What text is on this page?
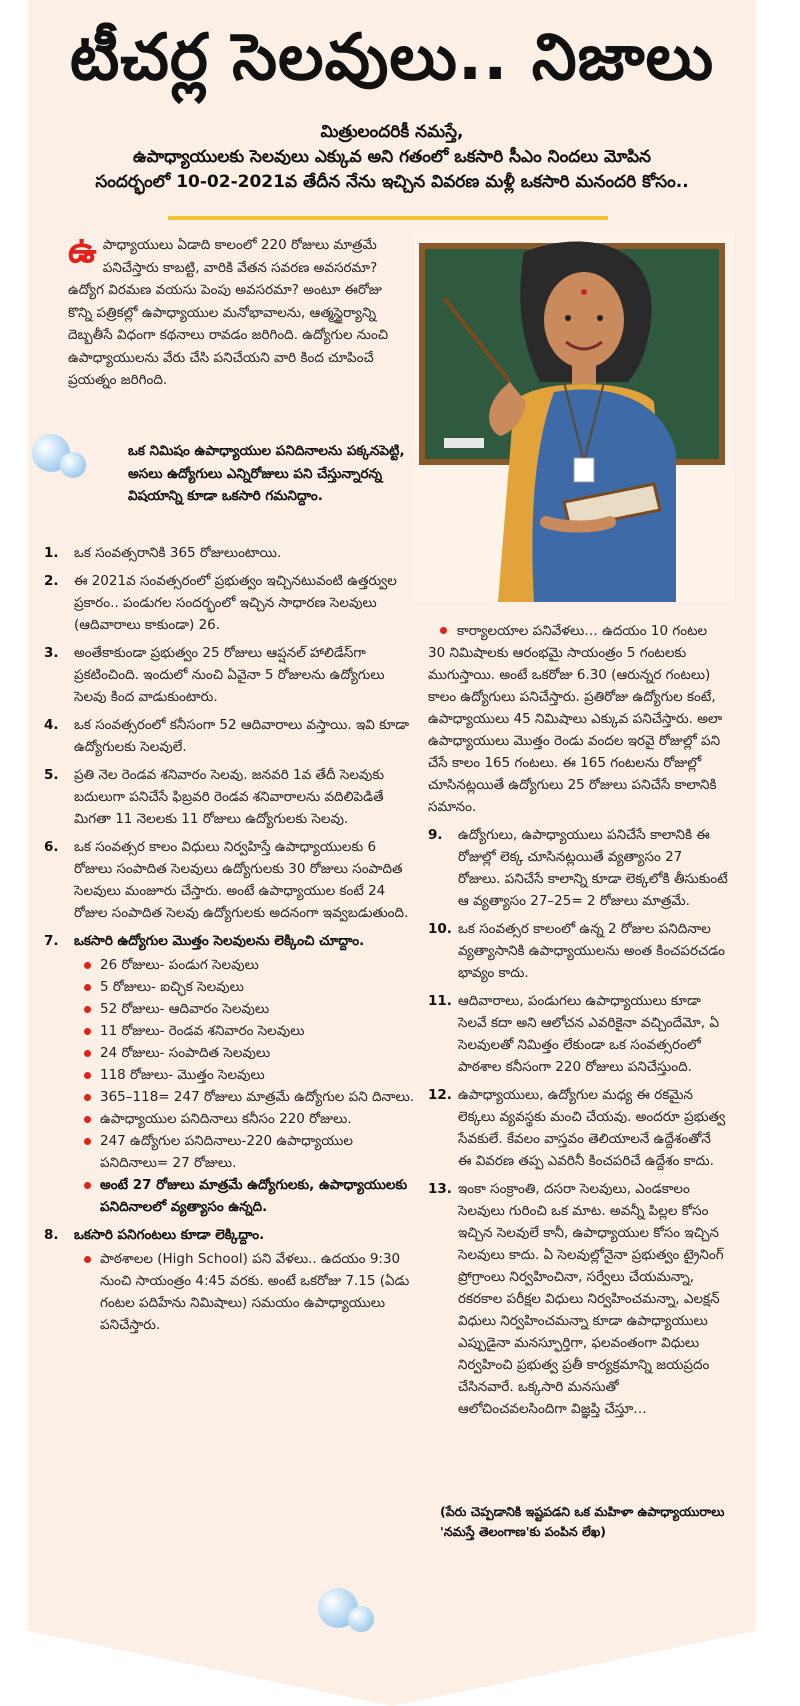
టీచర్ల సెలవులు.. నిజాలు
మిత్రులందరికీ నమస్తే,
ఉపాధ్యాయులకు సెలవులు ఎక్కువ అని గతంలో ఒకసారి సీఎం నిందలు మోపిన
సందర్భంలో 10-02-2021వ తేదీన నేను ఇచ్చిన వివరణ మళ్లీ ఒకసారి మనందరి కోసం..
ఉ పాధ్యాయులు ఏడాది కాలంలో 220 రోజులు మాత్రమే పనిచేస్తారు కాబట్టి, వారికి వేతన సవరణ అవసరమా? ఉద్యోగ విరమణ వయసు పెంపు అవసరమా? అంటూ ఈరోజు కొన్ని పత్రికల్లో ఉపాధ్యాయుల మనోభావాలను, ఆత్మస్థైర్యాన్ని దెబ్బతీసే విధంగా కథనాలు రావడం జరిగింది. ఉద్యోగుల నుంచి ఉపాధ్యాయులను వేరు చేసి పనిచేయని వారి కింద చూపించే ప్రయత్నం జరిగింది.
ఒక నిమిషం ఉపాధ్యాయుల పనిదినాలను పక్కనపెట్టి, అసలు ఉద్యోగులు ఎన్నిరోజులు పని చేస్తున్నారన్న విషయాన్ని కూడా ఒకసారి గమనిద్దాం.
1. ఒక సంవత్సరానికి 365 రోజులుంటాయి.
2. ఈ 2021వ సంవత్సరంలో ప్రభుత్వం ఇచ్చినటువంటి ఉత్తర్వుల ప్రకారం.. పండుగల సందర్భంలో ఇచ్చిన సాధారణ సెలవులు (ఆదివారాలు కాకుండా) 26.
3. అంతేకాకుండా ప్రభుత్వం 25 రోజులు ఆప్షనల్ హాలిడేస్‌గా ప్రకటించింది. ఇందులో నుంచి ఏవైనా 5 రోజులను ఉద్యోగులు సెలవు కింద వాడుకుంటారు.
4. ఒక సంవత్సరంలో కనీసంగా 52 ఆదివారాలు వస్తాయి. ఇవి కూడా ఉద్యోగులకు సెలవులే.
5. ప్రతి నెల రెండవ శనివారం సెలవు. జనవరి 1వ తేదీ సెలవుకు బదులుగా పనిచేసే ఫిబ్రవరి రెండవ శనివారాలను వదిలిపెడితే మిగతా 11 నెలలకు 11 రోజులు ఉద్యోగులకు సెలవు.
6. ఒక సంవత్సర కాలం విధులు నిర్వహిస్తే ఉపాధ్యాయులకు 6 రోజులు సంపాదిత సెలవులు ఉద్యోగులకు 30 రోజులు సంపాదిత సెలవులు మంజూరు చేస్తారు. అంటే ఉపాధ్యాయుల కంటే 24 రోజుల సంపాదిత సెలవు ఉద్యోగులకు అదనంగా ఇవ్వబడుతుంది.
7. ఒకసారి ఉద్యోగుల మొత్తం సెలవులను లెక్కించి చూద్దాం.
26 రోజులు- పండుగ సెలవులు
5 రోజులు- ఐచ్ఛిక సెలవులు
52 రోజులు- ఆదివారం సెలవులు
11 రోజులు- రెండవ శనివారం సెలవులు
24 రోజులు- సంపాదిత సెలవులు
118 రోజులు- మొత్తం సెలవులు
365–118= 247 రోజులు మాత్రమే ఉద్యోగుల పని దినాలు.
ఉపాధ్యాయుల పనిదినాలు కనీసం 220 రోజులు.
247 ఉద్యోగుల పనిదినాలు-220 ఉపాధ్యాయుల పనిదినాలు= 27 రోజులు.
అంటే 27 రోజులు మాత్రమే ఉద్యోగులకు, ఉపాధ్యాయులకు పనిదినాలలో వ్యత్యాసం ఉన్నది.
8. ఒకసారి పనిగంటలు కూడా లెక్కిద్దాం.
పాఠశాలల (High School) పని వేళలు.. ఉదయం 9:30 నుంచి సాయంత్రం 4:45 వరకు. అంటే ఒకరోజు 7.15 (ఏడు గంటల పదిహేను నిమిషాలు) సమయం ఉపాధ్యాయులు పనిచేస్తారు.
కార్యాలయాల పనివేళలు… ఉదయం 10 గంటల 30 నిమిషాలకు ఆరంభమై సాయంత్రం 5 గంటలకు ముగుస్తాయి. అంటే ఒకరోజు 6.30 (ఆరున్నర గంటలు) కాలం ఉద్యోగులు పనిచేస్తారు. ప్రతిరోజు ఉద్యోగుల కంటే, ఉపాధ్యాయులు 45 నిమిషాలు ఎక్కువ పనిచేస్తారు. అలా ఉపాధ్యాయులు మొత్తం రెండు వందల ఇరవై రోజుల్లో పని చేసే కాలం 165 గంటలు. ఈ 165 గంటలను రోజుల్లో చూసినట్లయితే ఉద్యోగులు 25 రోజులు పనిచేసే కాలానికి సమానం.
9. ఉద్యోగులు, ఉపాధ్యాయులు పనిచేసే కాలానికి ఈ రోజుల్లో లెక్క చూసినట్లయితే వ్యత్యాసం 27 రోజులు. పనిచేసే కాలాన్ని కూడా లెక్కలోకి తీసుకుంటే ఆ వ్యత్యాసం 27–25= 2 రోజులు మాత్రమే.
10. ఒక సంవత్సర కాలంలో ఉన్న 2 రోజుల పనిదినాల వ్యత్యాసానికి ఉపాధ్యాయులను అంత కించపరచడం భావ్యం కాదు.
11. ఆదివారాలు, పండుగలు ఉపాధ్యాయులు కూడా సెలవే కదా అని ఆలోచన ఎవరికైనా వచ్చిందేమో, ఏ సెలవులతో నిమిత్తం లేకుండా ఒక సంవత్సరంలో పాఠశాల కనీసంగా 220 రోజులు పనిచేస్తుంది.
12. ఉపాధ్యాయులు, ఉద్యోగుల మధ్య ఈ రకమైన లెక్కలు వ్యవస్థకు మంచి చేయవు. అందరూ ప్రభుత్వ సేవకులే. కేవలం వాస్తవం తెలియాలనే ఉద్దేశంతోనే ఈ వివరణ తప్ప ఎవరినీ కించపరిచే ఉద్దేశం కాదు.
13. ఇంకా సంక్రాంతి, దసరా సెలవులు, ఎండకాలం సెలవులు గురించి ఒక మాట. అవన్నీ పిల్లల కోసం ఇచ్చిన సెలవులే కానీ, ఉపాధ్యాయుల కోసం ఇచ్చిన సెలవులు కాదు. ఏ సెలవుల్లోనైనా ప్రభుత్వం ట్రైనింగ్ ప్రోగ్రాంలు నిర్వహించినా, సర్వేలు చేయమన్నా, రకరకాల పరీక్షల విధులు నిర్వహించమన్నా, ఎలక్షన్ విధులు నిర్వహించమన్నా కూడా ఉపాధ్యాయులు ఎప్పుడైనా మనస్ఫూర్తిగా, ఫలవంతంగా విధులు నిర్వహించి ప్రభుత్వ ప్రతీ కార్యక్రమాన్ని జయప్రదం చేసినవారే. ఒక్కసారి మనసుతో ఆలోచించవలసిందిగా విజ్ఞప్తి చేస్తూ…
(పేరు చెప్పడానికి ఇష్టపడని ఒక మహిళా ఉపాధ్యాయురాలు 'నమస్తే తెలంగాణ'కు పంపిన లేఖ)
